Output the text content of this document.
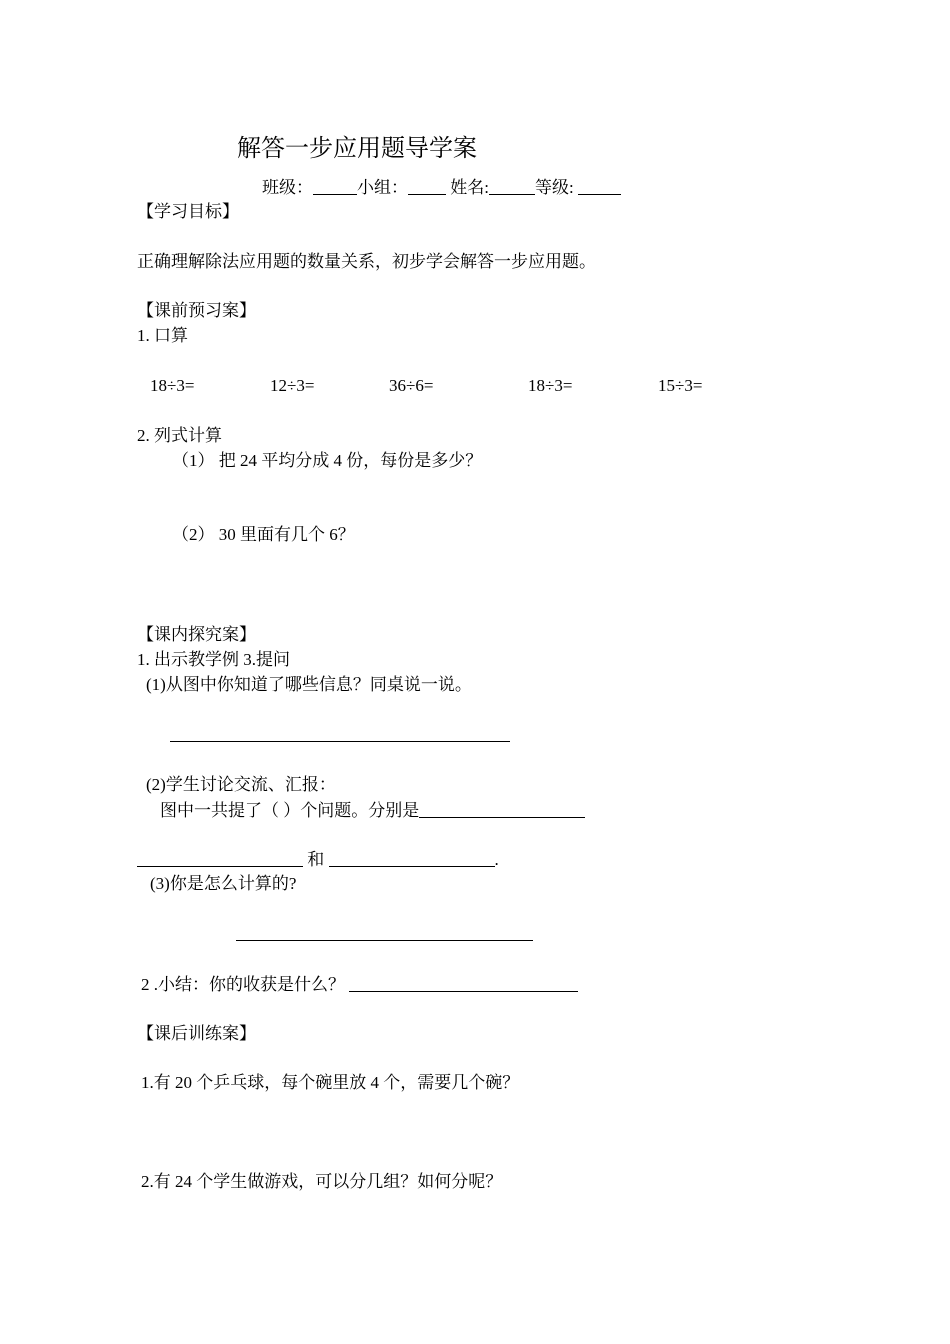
解答一步应用题导学案
班级：	小组： 姓名:	等级:
【学习目标】
正确理解除法应用题的数量关系，初步学会解答一步应用题。
【课前预习案】
1. 口算
18÷3=	12÷3=	36÷6=	18÷3=	15÷3=
2. 列式计算
（1） 把 24 平均分成 4 份，每份是多少？
（2） 30 里面有几个 6？
【课内探究案】
1. 出示教学例 3.提问
(1)从图中你知道了哪些信息？同桌说一说。
(2)学生讨论交流、汇报：
图中一共提了（ ）个问题。分别是
和	.
(3)你是怎么计算的?
2 .小结：你的收获是什么？
【课后训练案】
1.有 20 个乒乓球，每个碗里放 4 个，需要几个碗？
2.有 24 个学生做游戏，可以分几组？如何分呢？
